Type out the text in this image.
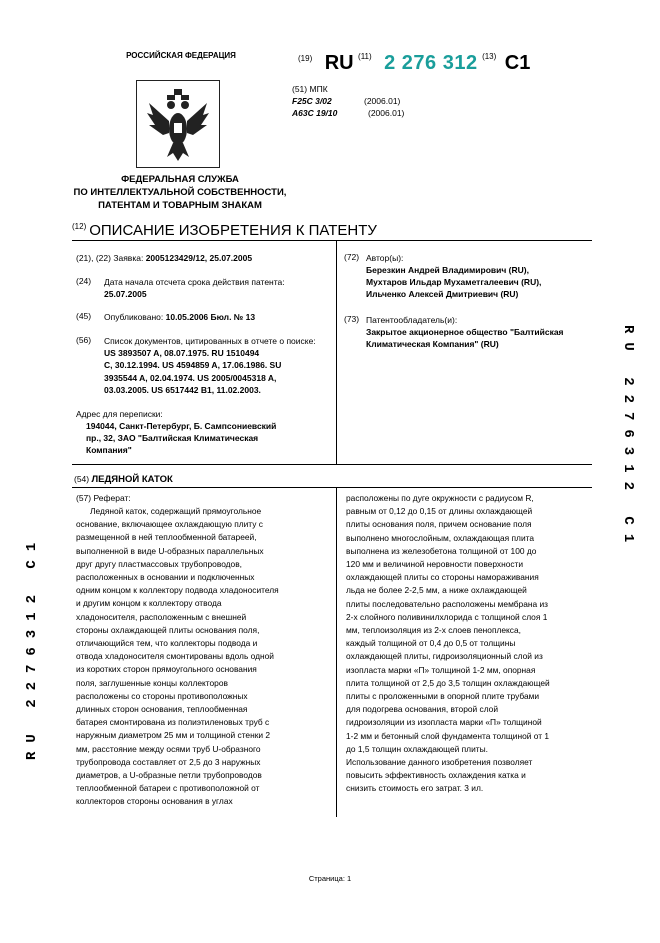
РОССИЙСКАЯ ФЕДЕРАЦИЯ
ФЕДЕРАЛЬНАЯ СЛУЖБА
ПО ИНТЕЛЛЕКТУАЛЬНОЙ СОБСТВЕННОСТИ,
ПАТЕНТАМ И ТОВАРНЫМ ЗНАКАМ
$^{(19)}$ RU $^{(11)}$ 2 276 312 $^{(13)}$ C1
(51) МПК
F25C 3/02	(2006.01)
A63C 19/10	(2006.01)
$^{(12)}$ ОПИСАНИЕ ИЗОБРЕТЕНИЯ К ПАТЕНТУ
(21), (22) Заявка: 2005123429/12, 25.07.2005
(24) Дата начала отсчета срока действия патента:
25.07.2005
(45) Опубликовано: 10.05.2006 Бюл. № 13
(56) Список документов, цитированных в отчете о поиске:
US 3893507 A, 08.07.1975. RU 1510494
C, 30.12.1994. US 4594859 A, 17.06.1986. SU
3935544 A, 02.04.1974. US 2005/0045318 A,
03.03.2005. US 6517442 B1, 11.02.2003.
Адрес для переписки:
194044, Санкт-Петербург, Б. Сампсониевский
пр., 32, ЗАО "Балтийская Климатическая
Компания"
(72) Автор(ы):
Березкин Андрей Владимирович (RU),
Мухтаров Ильдар Мухаметгалеевич (RU),
Ильченко Алексей Дмитриевич (RU)
(73) Патентообладатель(и):
Закрытое акционерное общество "Балтийская
Климатическая Компания" (RU)
(54) ЛЕДЯНОЙ КАТОК
(57) Реферат:

Ледяной каток, содержащий прямоугольное

основание, включающее охлаждающую плиту с

размещенной в ней теплообменной батареей,

выполненной в виде U-образных параллельных

друг другу пластмассовых трубопроводов,

расположенных в основании и подключенных

одним концом к коллектору подвода хладоносителя

и другим концом к коллектору отвода

хладоносителя, расположенным с внешней

стороны охлаждающей плиты основания поля,

отличающийся тем, что коллекторы подвода и

отвода хладоносителя смонтированы вдоль одной

из коротких сторон прямоугольного основания

поля, заглушенные концы коллекторов

расположены со стороны противоположных

длинных сторон основания, теплообменная

батарея смонтирована из полиэтиленовых труб с

наружным диаметром 25 мм и толщиной стенки 2

мм, расстояние между осями труб U-образного

трубопровода составляет от 2,5 до 3 наружных

диаметров, а U-образные петли трубопроводов

теплообменной батареи с противоположной от

коллекторов стороны основания в углах

расположены по дуге окружности с радиусом R,

равным от 0,12 до 0,15 от длины охлаждающей

плиты основания поля, причем основание поля

выполнено многослойным, охлаждающая плита

выполнена из железобетона толщиной от 100 до

120 мм и величиной неровности поверхности

охлаждающей плиты со стороны намораживания

льда не более 2-2,5 мм, а ниже охлаждающей

плиты последовательно расположены мембрана из

2-х слойного поливинилхлорида с толщиной слоя 1

мм, теплоизоляция из 2-х слоев пеноплекса,

каждый толщиной от 0,4 до 0,5 от толщины

охлаждающей плиты, гидроизоляционный слой из

изопласта марки «П» толщиной 1-2 мм, опорная

плита толщиной от 2,5 до 3,5 толщин охлаждающей

плиты с проложенными в опорной плите трубами

для подогрева основания, второй слой

гидроизоляции из изопласта марки «П» толщиной

1-2 мм и бетонный слой фундамента толщиной от 1

до 1,5 толщин охлаждающей плиты.

Использование данного изобретения позволяет

повысить эффективность охлаждения катка и

снизить стоимость его затрат. 3 ил.

RU 2276312 C1
RU 2276312 C1
Страница: 1
